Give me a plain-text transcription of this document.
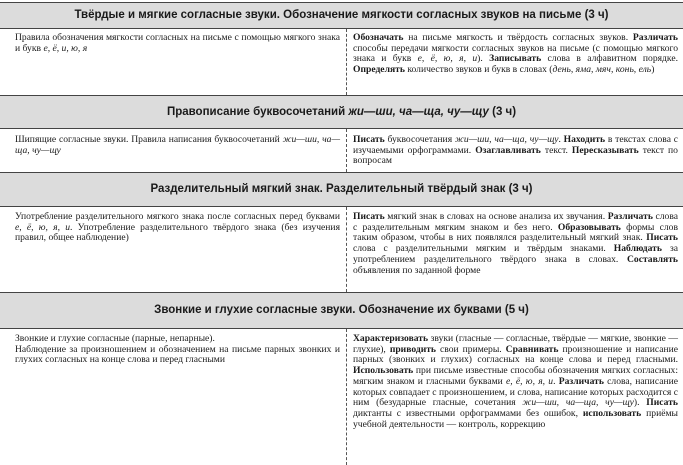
Твёрдые и мягкие согласные звуки. Обозначение мягкости согласных звуков на письме (3 ч)
Правила обозначения мягкости согласных на письме с помощью мягкого знака и букв е, ё, и, ю, я
Обозначать на письме мягкость и твёрдость согласных звуков. Различать способы передачи мягкости согласных звуков на письме (с помощью мягкого знака и букв е, ё, ю, я, и). Записывать слова в алфавитном порядке. Определять количество звуков и букв в словах (день, яма, мяч, конь, ель)
Правописание буквосочетаний жи—ши, ча—ща, чу—щу (3 ч)
Шипящие согласные звуки. Правила написания буквосочетаний жи—ши, ча—ща, чу—щу
Писать буквосочетания жи—ши, ча—ща, чу—щу. Находить в текстах слова с изучаемыми орфограммами. Озаглавливать текст. Пересказывать текст по вопросам
Разделительный мягкий знак. Разделительный твёрдый знак (3 ч)
Употребление разделительного мягкого знака после согласных перед буквами е, ё, ю, я, и. Употребление разделительного твёрдого знака (без изучения правил, общее наблюдение)
Писать мягкий знак в словах на основе анализа их звучания. Различать слова с разделительным мягким знаком и без него. Образовывать формы слов таким образом, чтобы в них появлялся разделительный мягкий знак. Писать слова с разделительными мягким и твёрдым знаками. Наблюдать за употреблением разделительного твёрдого знака в словах. Составлять объявления по заданной форме
Звонкие и глухие согласные звуки. Обозначение их буквами (5 ч)
Звонкие и глухие согласные (парные, непарные).
Наблюдение за произношением и обозначением на письме парных звонких и глухих согласных на конце слова и перед гласными
Характеризовать звуки (гласные — согласные, твёрдые — мягкие, звонкие — глухие), приводить свои примеры. Сравнивать произношение и написание парных (звонких и глухих) согласных на конце слова и перед гласными. Использовать при письме известные способы обозначения мягких согласных: мягким знаком и гласными буквами е, ё, ю, я, и. Различать слова, написание которых совпадает с произношением, и слова, написание которых расходится с ним (безударные гласные, сочетания жи—ши, ча—ща, чу—щу). Писать диктанты с известными орфограммами без ошибок, использовать приёмы учебной деятельности — контроль, коррекцию
